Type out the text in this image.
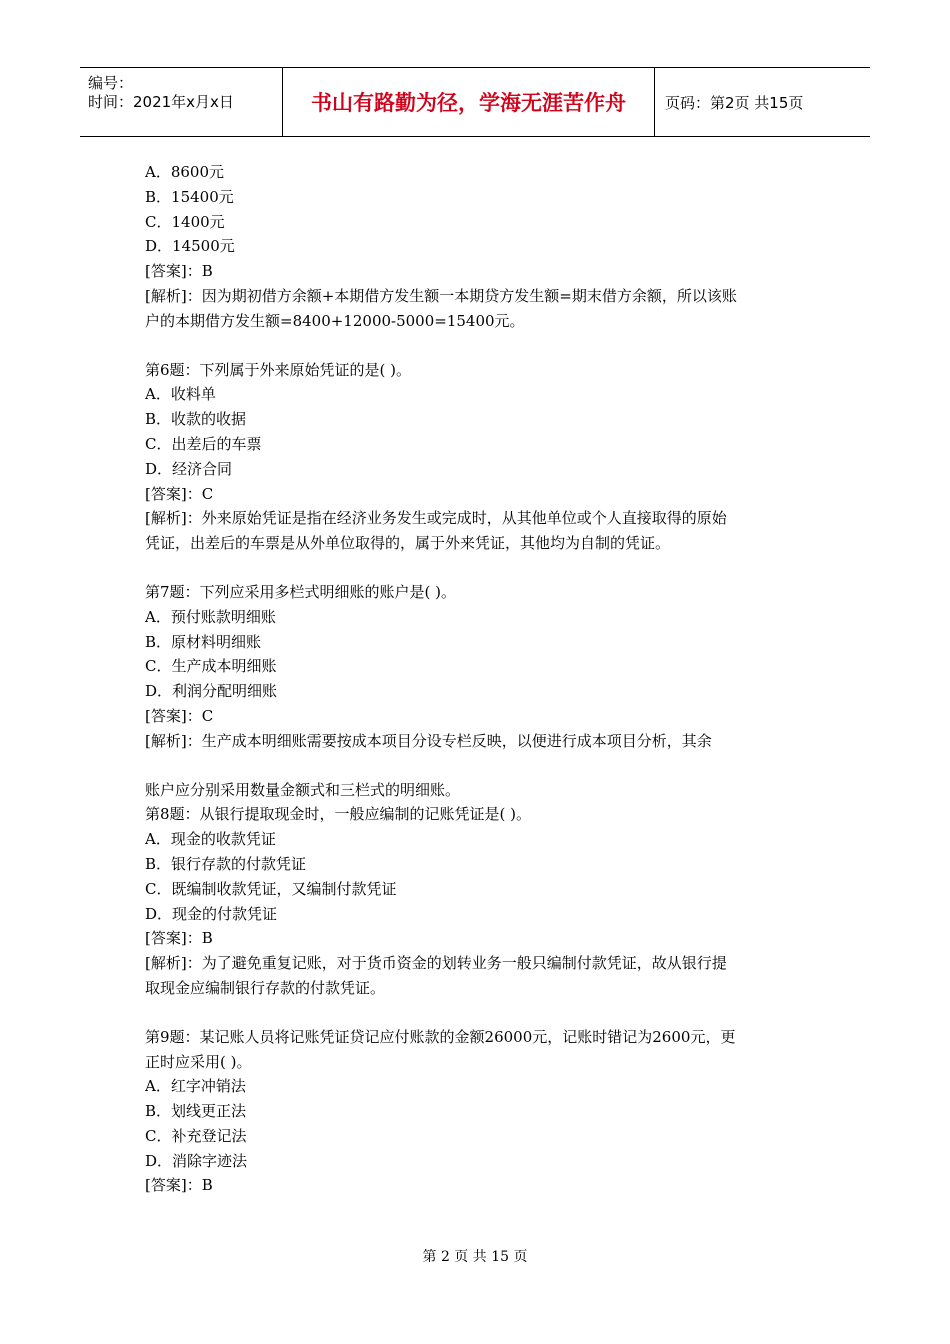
编号：
时间：2021年x月x日	书山有路勤为径，学海无涯苦作舟	页码：第2页 共15页
A．8600元
B．15400元
C．1400元
D．14500元
[答案]：B
[解析]：因为期初借方余额+本期借方发生额一本期贷方发生额=期末借方余额，所以该账
户的本期借方发生额=8400+12000-5000=15400元。
第6题：下列属于外来原始凭证的是( )。
A．收料单
B．收款的收据
C．出差后的车票
D．经济合同
[答案]：C
[解析]：外来原始凭证是指在经济业务发生或完成时，从其他单位或个人直接取得的原始
凭证，出差后的车票是从外单位取得的，属于外来凭证，其他均为自制的凭证。
第7题：下列应采用多栏式明细账的账户是( )。
A．预付账款明细账
B．原材料明细账
C．生产成本明细账
D．利润分配明细账
[答案]：C
[解析]：生产成本明细账需要按成本项目分设专栏反映，以便进行成本项目分析，其余
账户应分别采用数量金额式和三栏式的明细账。
第8题：从银行提取现金时，一般应编制的记账凭证是( )。
A．现金的收款凭证
B．银行存款的付款凭证
C．既编制收款凭证，又编制付款凭证
D．现金的付款凭证
[答案]：B
[解析]：为了避免重复记账，对于货币资金的划转业务一般只编制付款凭证，故从银行提
取现金应编制银行存款的付款凭证。
第9题：某记账人员将记账凭证贷记应付账款的金额26000元，记账时错记为2600元，更
正时应采用( )。
A．红字冲销法
B．划线更正法
C．补充登记法
D．消除字迹法
[答案]：B
第 2 页 共 15 页
